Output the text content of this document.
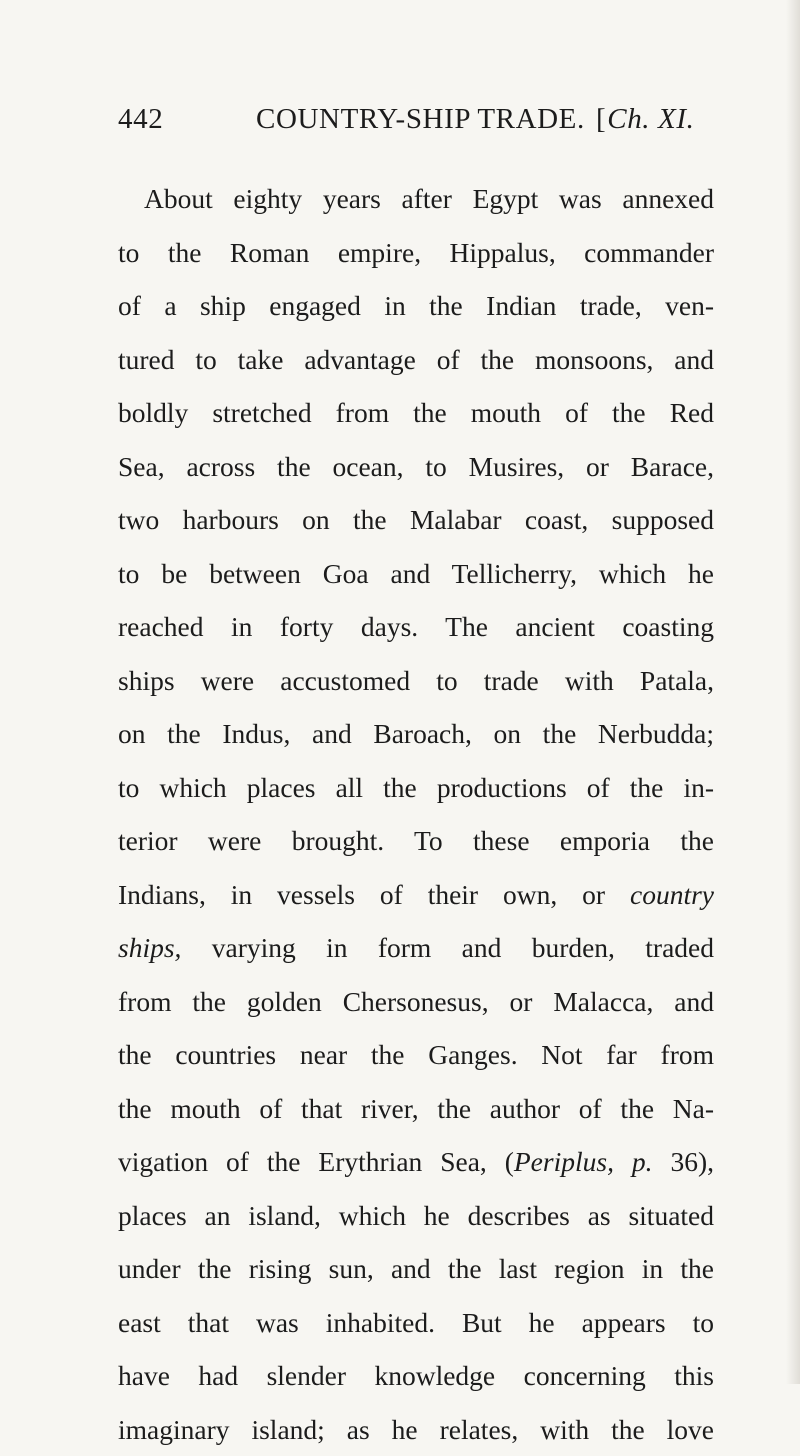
442	COUNTRY-SHIP TRADE. [Ch. XI.
About eighty years after Egypt was annexed
to the Roman empire, Hippalus, commander
of a ship engaged in the Indian trade, ven-
tured to take advantage of the monsoons, and
boldly stretched from the mouth of the Red
Sea, across the ocean, to Musires, or Barace,
two harbours on the Malabar coast, supposed
to be between Goa and Tellicherry, which he
reached in forty days. The ancient coasting
ships were accustomed to trade with Patala,
on the Indus, and Baroach, on the Nerbudda;
to which places all the productions of the in-
terior were brought. To these emporia the
Indians, in vessels of their own, or country
ships, varying in form and burden, traded
from the golden Chersonesus, or Malacca, and
the countries near the Ganges. Not far from
the mouth of that river, the author of the Na-
vigation of the Erythrian Sea, (Periplus, p. 36),
places an island, which he describes as situated
under the rising sun, and the last region in the
east that was inhabited. But he appears to
have had slender knowledge concerning this
imaginary island; as he relates, with the love
